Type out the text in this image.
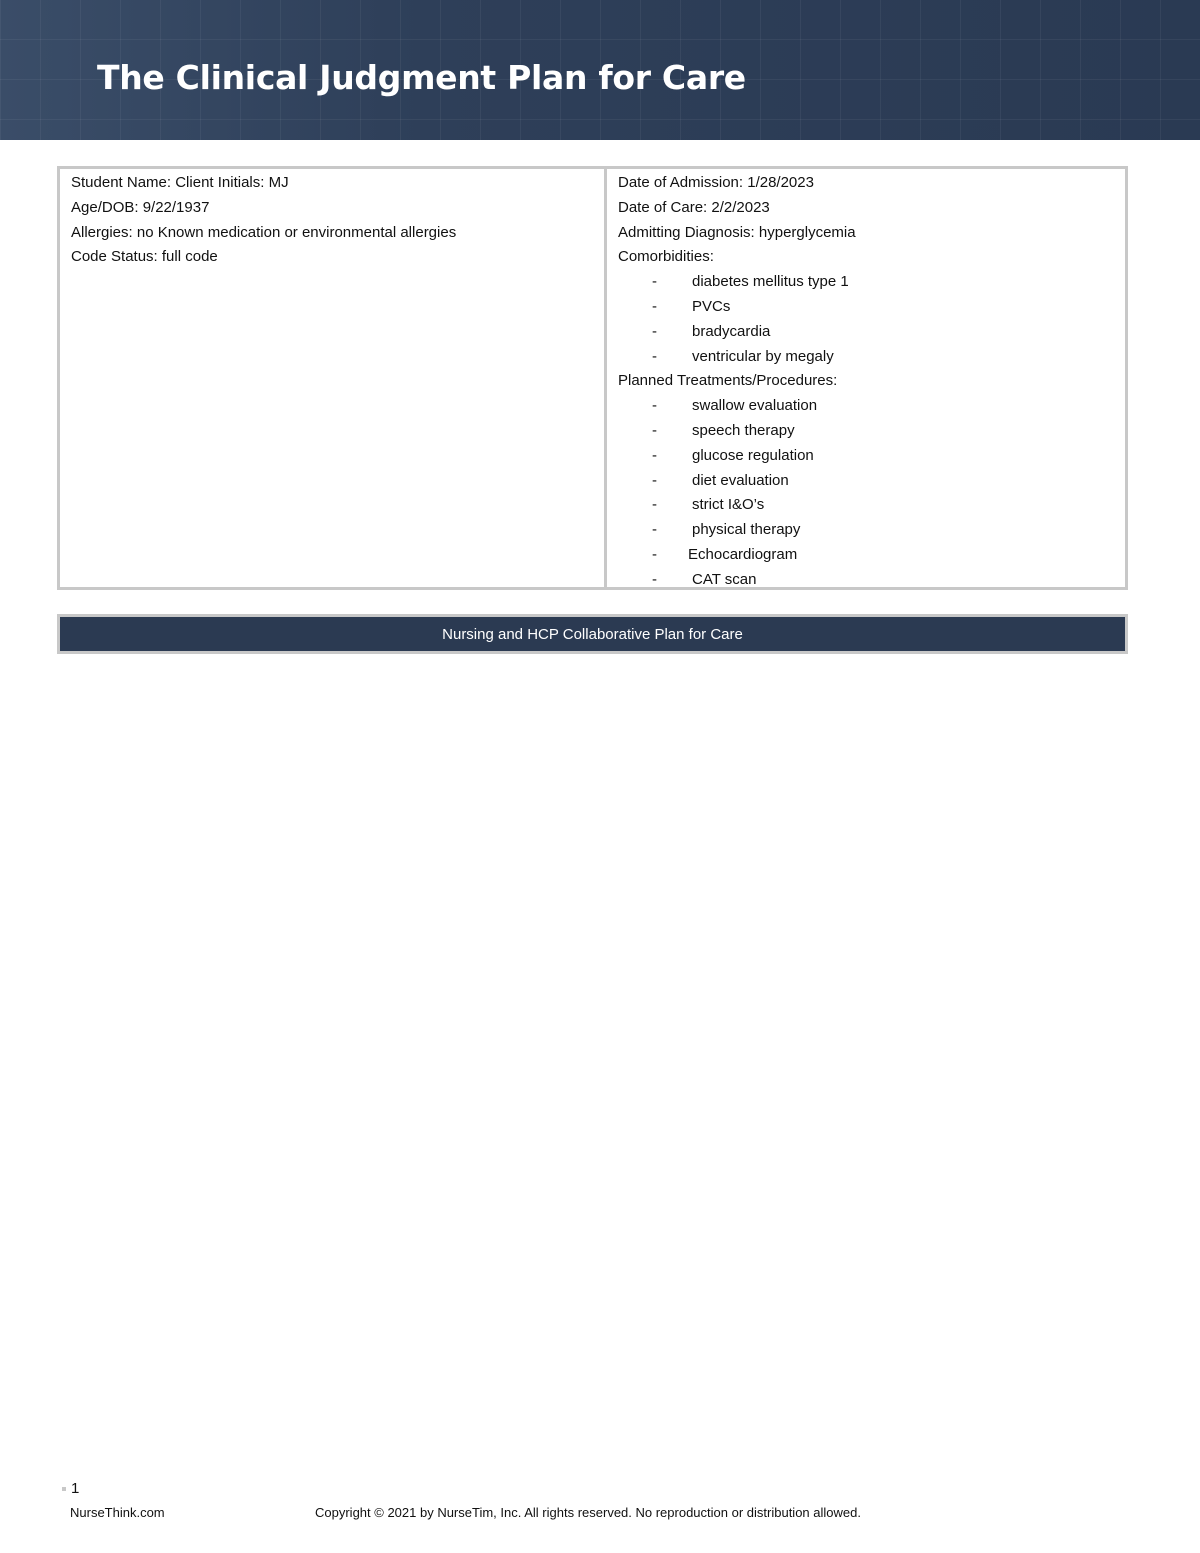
The Clinical Judgment Plan for Care
Student Name: Client Initials: MJ
Age/DOB: 9/22/1937
Allergies: no Known medication or environmental allergies
Code Status: full code
Date of Admission: 1/28/2023
Date of Care: 2/2/2023
Admitting Diagnosis: hyperglycemia
Comorbidities:
- diabetes mellitus type 1
- PVCs
- bradycardia
- ventricular by megaly
Planned Treatments/Procedures:
- swallow evaluation
- speech therapy
- glucose regulation
- diet evaluation
- strict I&O’s
- physical therapy
- Echocardiogram
- CAT scan
Nursing and HCP Collaborative Plan for Care
1
NurseThink.com	Copyright © 2021 by NurseTim, Inc. All rights reserved. No reproduction or distribution allowed.
